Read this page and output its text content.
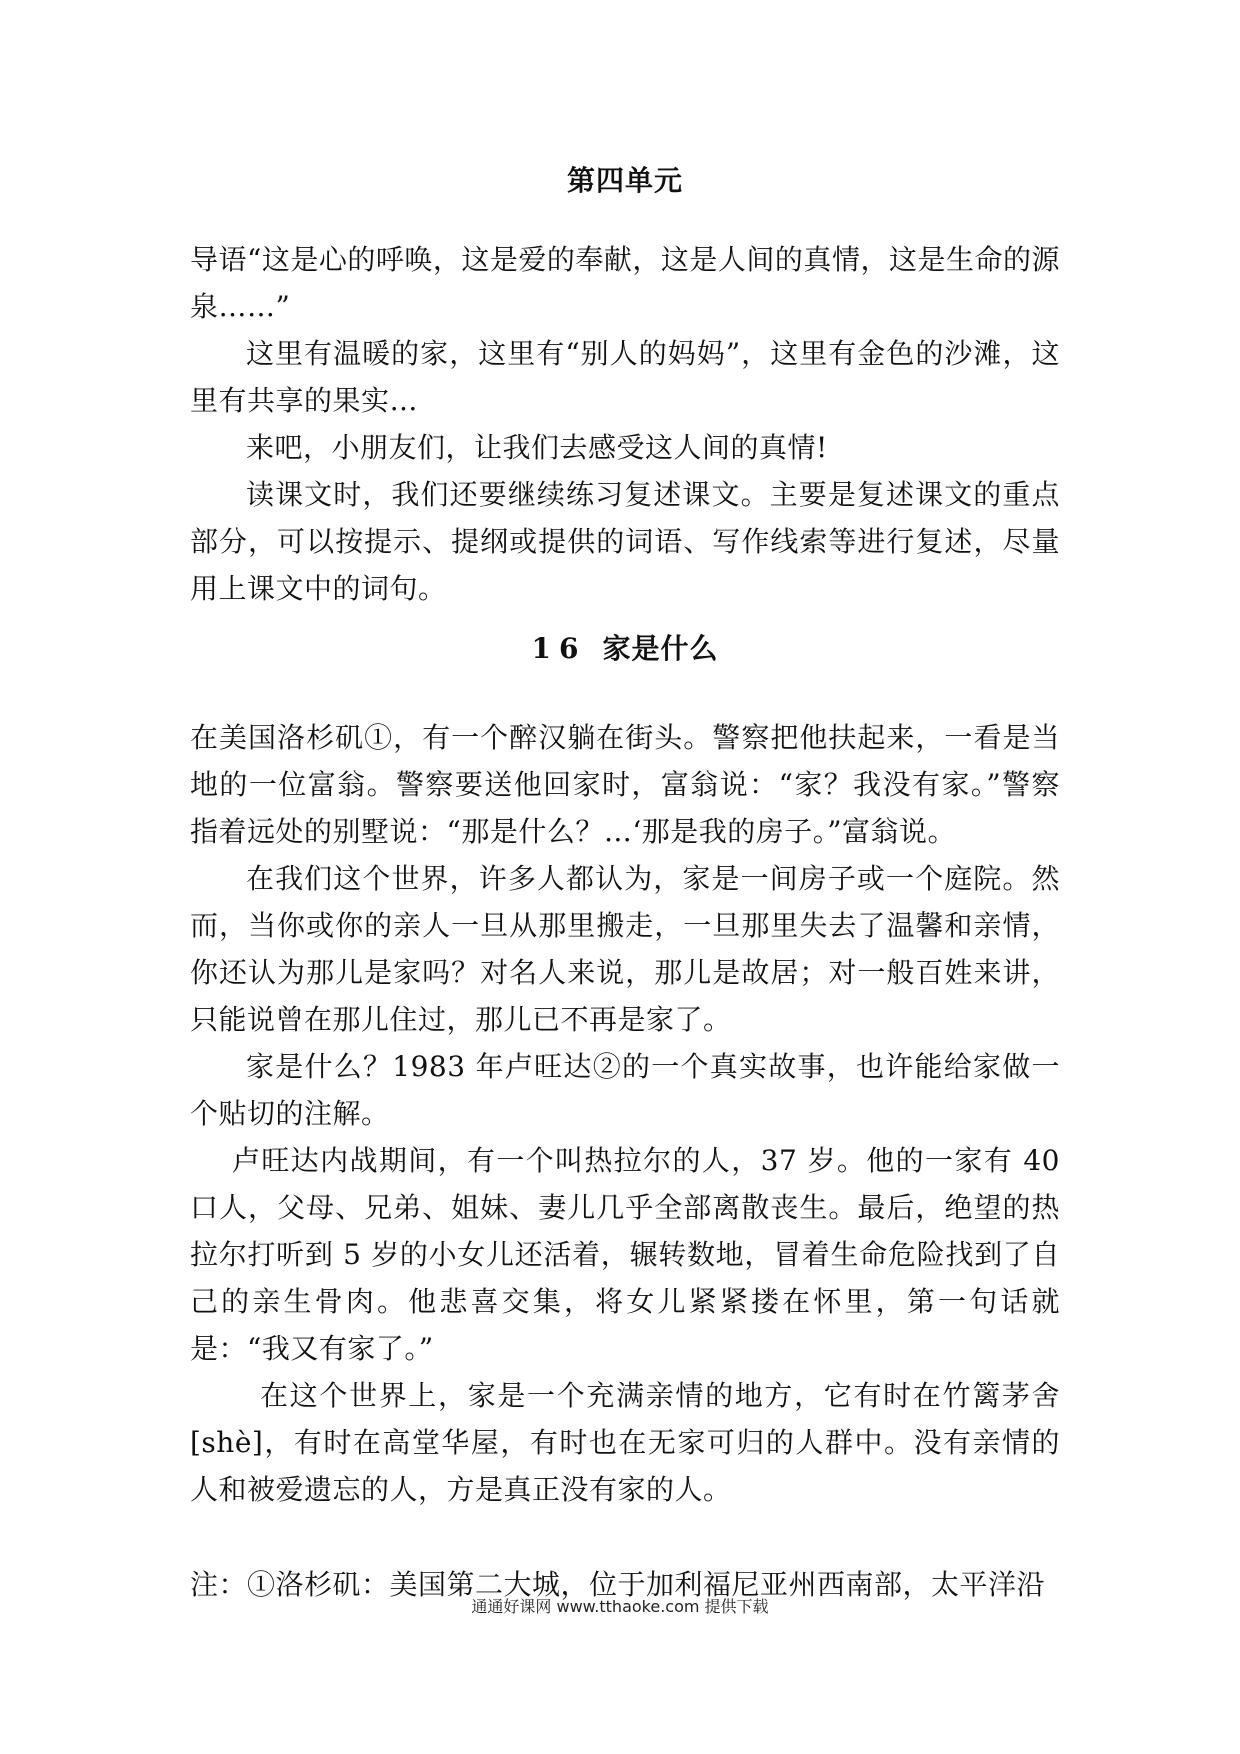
第四单元

导语“这是心的呼唤，这是爱的奉献，这是人间的真情，这是生命的源泉……”

这里有温暖的家，这里有“别人的妈妈”，这里有金色的沙滩，这里有共享的果实…

来吧，小朋友们，让我们去感受这人间的真情!

读课文时，我们还要继续练习复述课文。主要是复述课文的重点部分，可以按提示、提纲或提供的词语、写作线索等进行复述，尽量用上课文中的词句。

16 家是什么

在美国洛杉矶①，有一个醉汉躺在街头。警察把他扶起来，一看是当地的一位富翁。警察要送他回家时，富翁说：“家？我没有家。”警察指着远处的别墅说：“那是什么？…‘那是我的房子。”富翁说。

在我们这个世界，许多人都认为，家是一间房子或一个庭院。然而，当你或你的亲人一旦从那里搬走，一旦那里失去了温馨和亲情，你还认为那儿是家吗？对名人来说，那儿是故居；对一般百姓来讲，只能说曾在那儿住过，那儿已不再是家了。

家是什么？1983 年卢旺达②的一个真实故事，也许能给家做一个贴切的注解。

卢旺达内战期间，有一个叫热拉尔的人，37 岁。他的一家有 40 口人，父母、兄弟、姐妹、妻儿几乎全部离散丧生。最后，绝望的热拉尔打听到 5 岁的小女儿还活着，辗转数地，冒着生命危险找到了自己的亲生骨肉。他悲喜交集，将女儿紧紧搂在怀里，第一句话就是：“我又有家了。”

在这个世界上，家是一个充满亲情的地方，它有时在竹篱茅舍[shè]，有时在高堂华屋，有时也在无家可归的人群中。没有亲情的人和被爱遗忘的人，方是真正没有家的人。

注：①洛杉矶：美国第二大城，位于加利福尼亚州西南部，太平洋沿

通通好课网 www.tthaoke.com 提供下载
